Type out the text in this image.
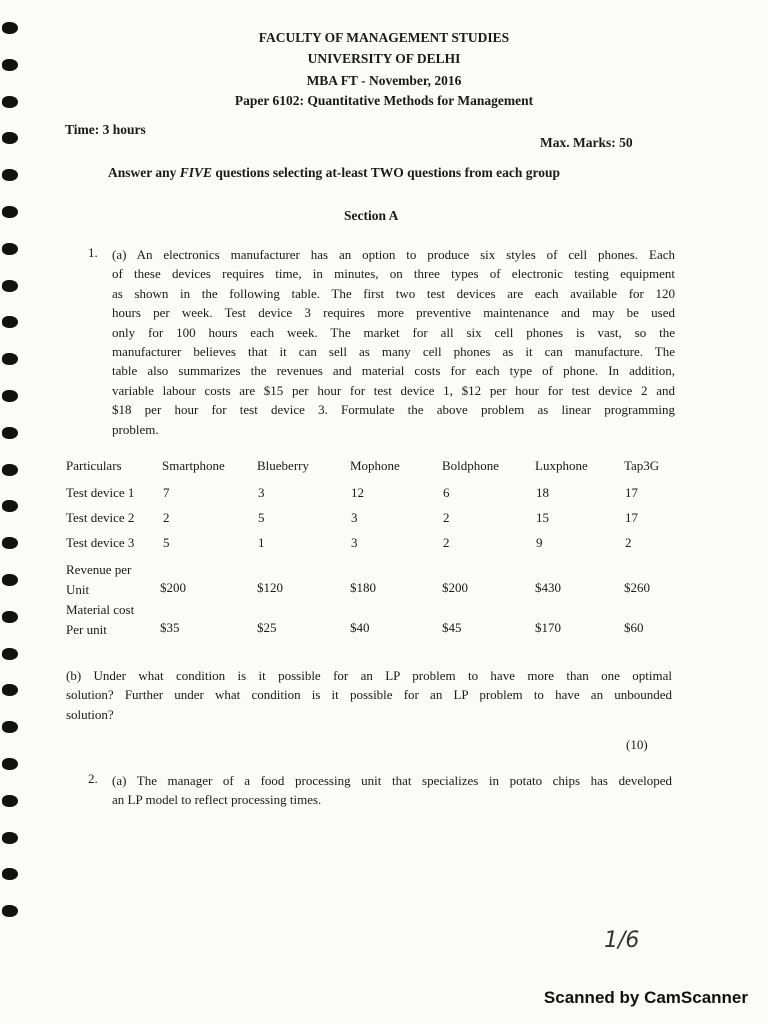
FACULTY OF MANAGEMENT STUDIES
UNIVERSITY OF DELHI
MBA FT - November, 2016
Paper 6102: Quantitative Methods for Management
Time: 3 hours
Max. Marks: 50
Answer any FIVE questions selecting at-least TWO questions from each group
Section A
1. (a) An electronics manufacturer has an option to produce six styles of cell phones. Each
of these devices requires time, in minutes, on three types of electronic testing equipment
as shown in the following table. The first two test devices are each available for 120
hours per week. Test device 3 requires more preventive maintenance and may be used
only for 100 hours each week. The market for all six cell phones is vast, so the
manufacturer believes that it can sell as many cell phones as it can manufacture. The
table also summarizes the revenues and material costs for each type of phone. In addition,
variable labour costs are $15 per hour for test device 1, $12 per hour for test device 2 and
$18 per hour for test device 3. Formulate the above problem as linear programming
problem.
Particulars	Smartphone Blueberry	Mophone	Boldphone	Luxphone	Tap3G
Test device 1 7	3	12	6	18	17
Test device 2 2	5	3	2	15	17
Test device 3 5	1	3	2	9	2
Revenue per
Unit	$200	$120	$180	$200	$430	$260
Material cost
Per unit	$35	$25	$40	$45	$170	$60
(b) Under what condition is it possible for an LP problem to have more than one optimal
solution? Further under what condition is it possible for an LP problem to have an unbounded
solution?
(10)
2. (a) The manager of a food processing unit that specializes in potato chips has developed
an LP model to reflect processing times.
1/6
Scanned by CamScanner
